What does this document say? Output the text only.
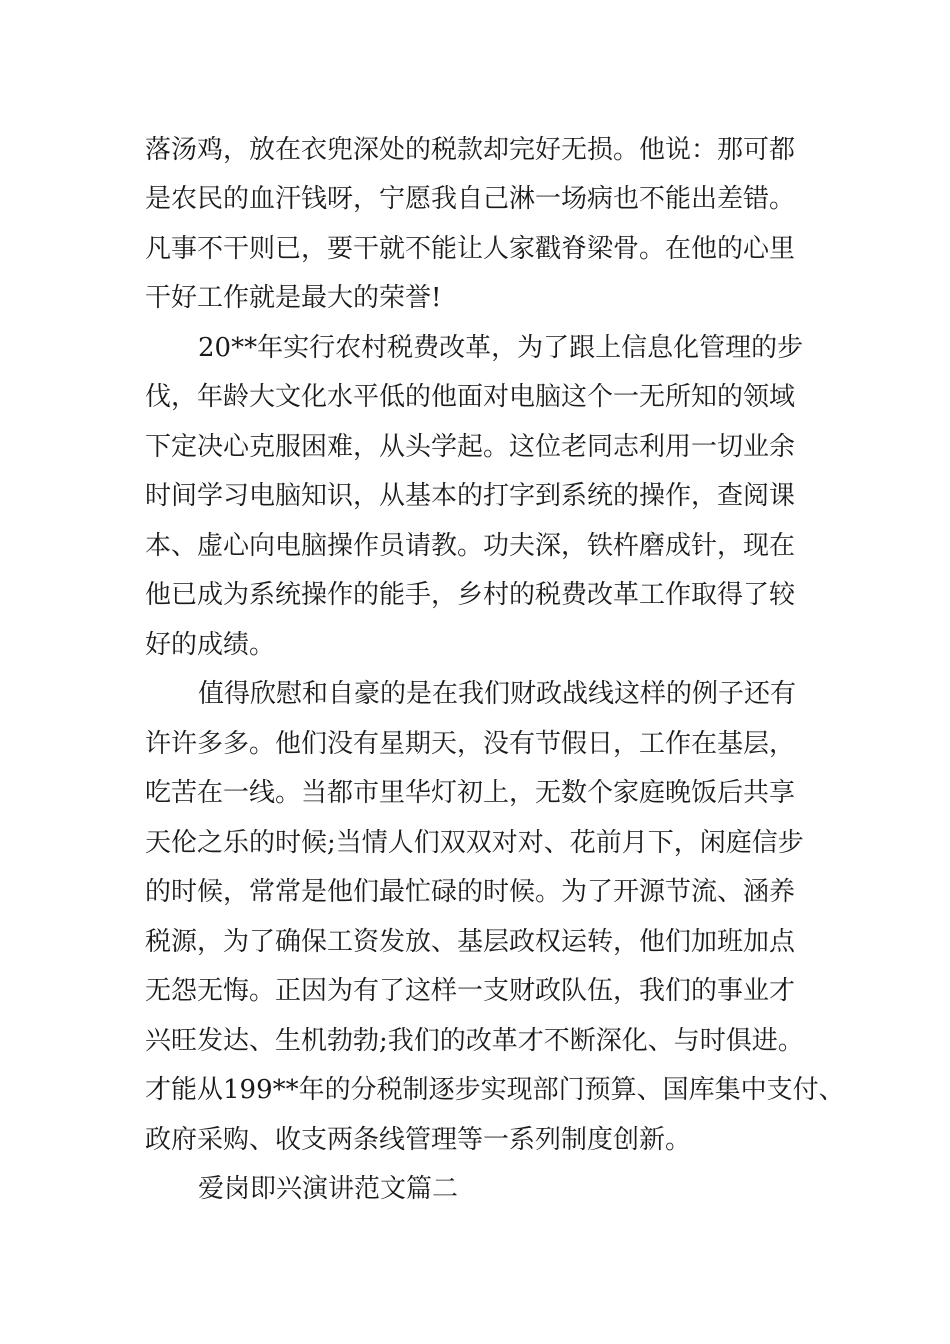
落汤鸡，放在衣兜深处的税款却完好无损。他说：那可都
是农民的血汗钱呀，宁愿我自己淋一场病也不能出差错。
凡事不干则已，要干就不能让人家戳脊梁骨。在他的心里
干好工作就是最大的荣誉!
20**年实行农村税费改革，为了跟上信息化管理的步
伐，年龄大文化水平低的他面对电脑这个一无所知的领域
下定决心克服困难，从头学起。这位老同志利用一切业余
时间学习电脑知识，从基本的打字到系统的操作，查阅课
本、虚心向电脑操作员请教。功夫深，铁杵磨成针，现在
他已成为系统操作的能手，乡村的税费改革工作取得了较
好的成绩。
值得欣慰和自豪的是在我们财政战线这样的例子还有
许许多多。他们没有星期天，没有节假日，工作在基层，
吃苦在一线。当都市里华灯初上，无数个家庭晚饭后共享
天伦之乐的时候;当情人们双双对对、花前月下，闲庭信步
的时候，常常是他们最忙碌的时候。为了开源节流、涵养
税源，为了确保工资发放、基层政权运转，他们加班加点
无怨无悔。正因为有了这样一支财政队伍，我们的事业才
兴旺发达、生机勃勃;我们的改革才不断深化、与时俱进。
才能从199**年的分税制逐步实现部门预算、国库集中支付、
政府采购、收支两条线管理等一系列制度创新。
爱岗即兴演讲范文篇二
